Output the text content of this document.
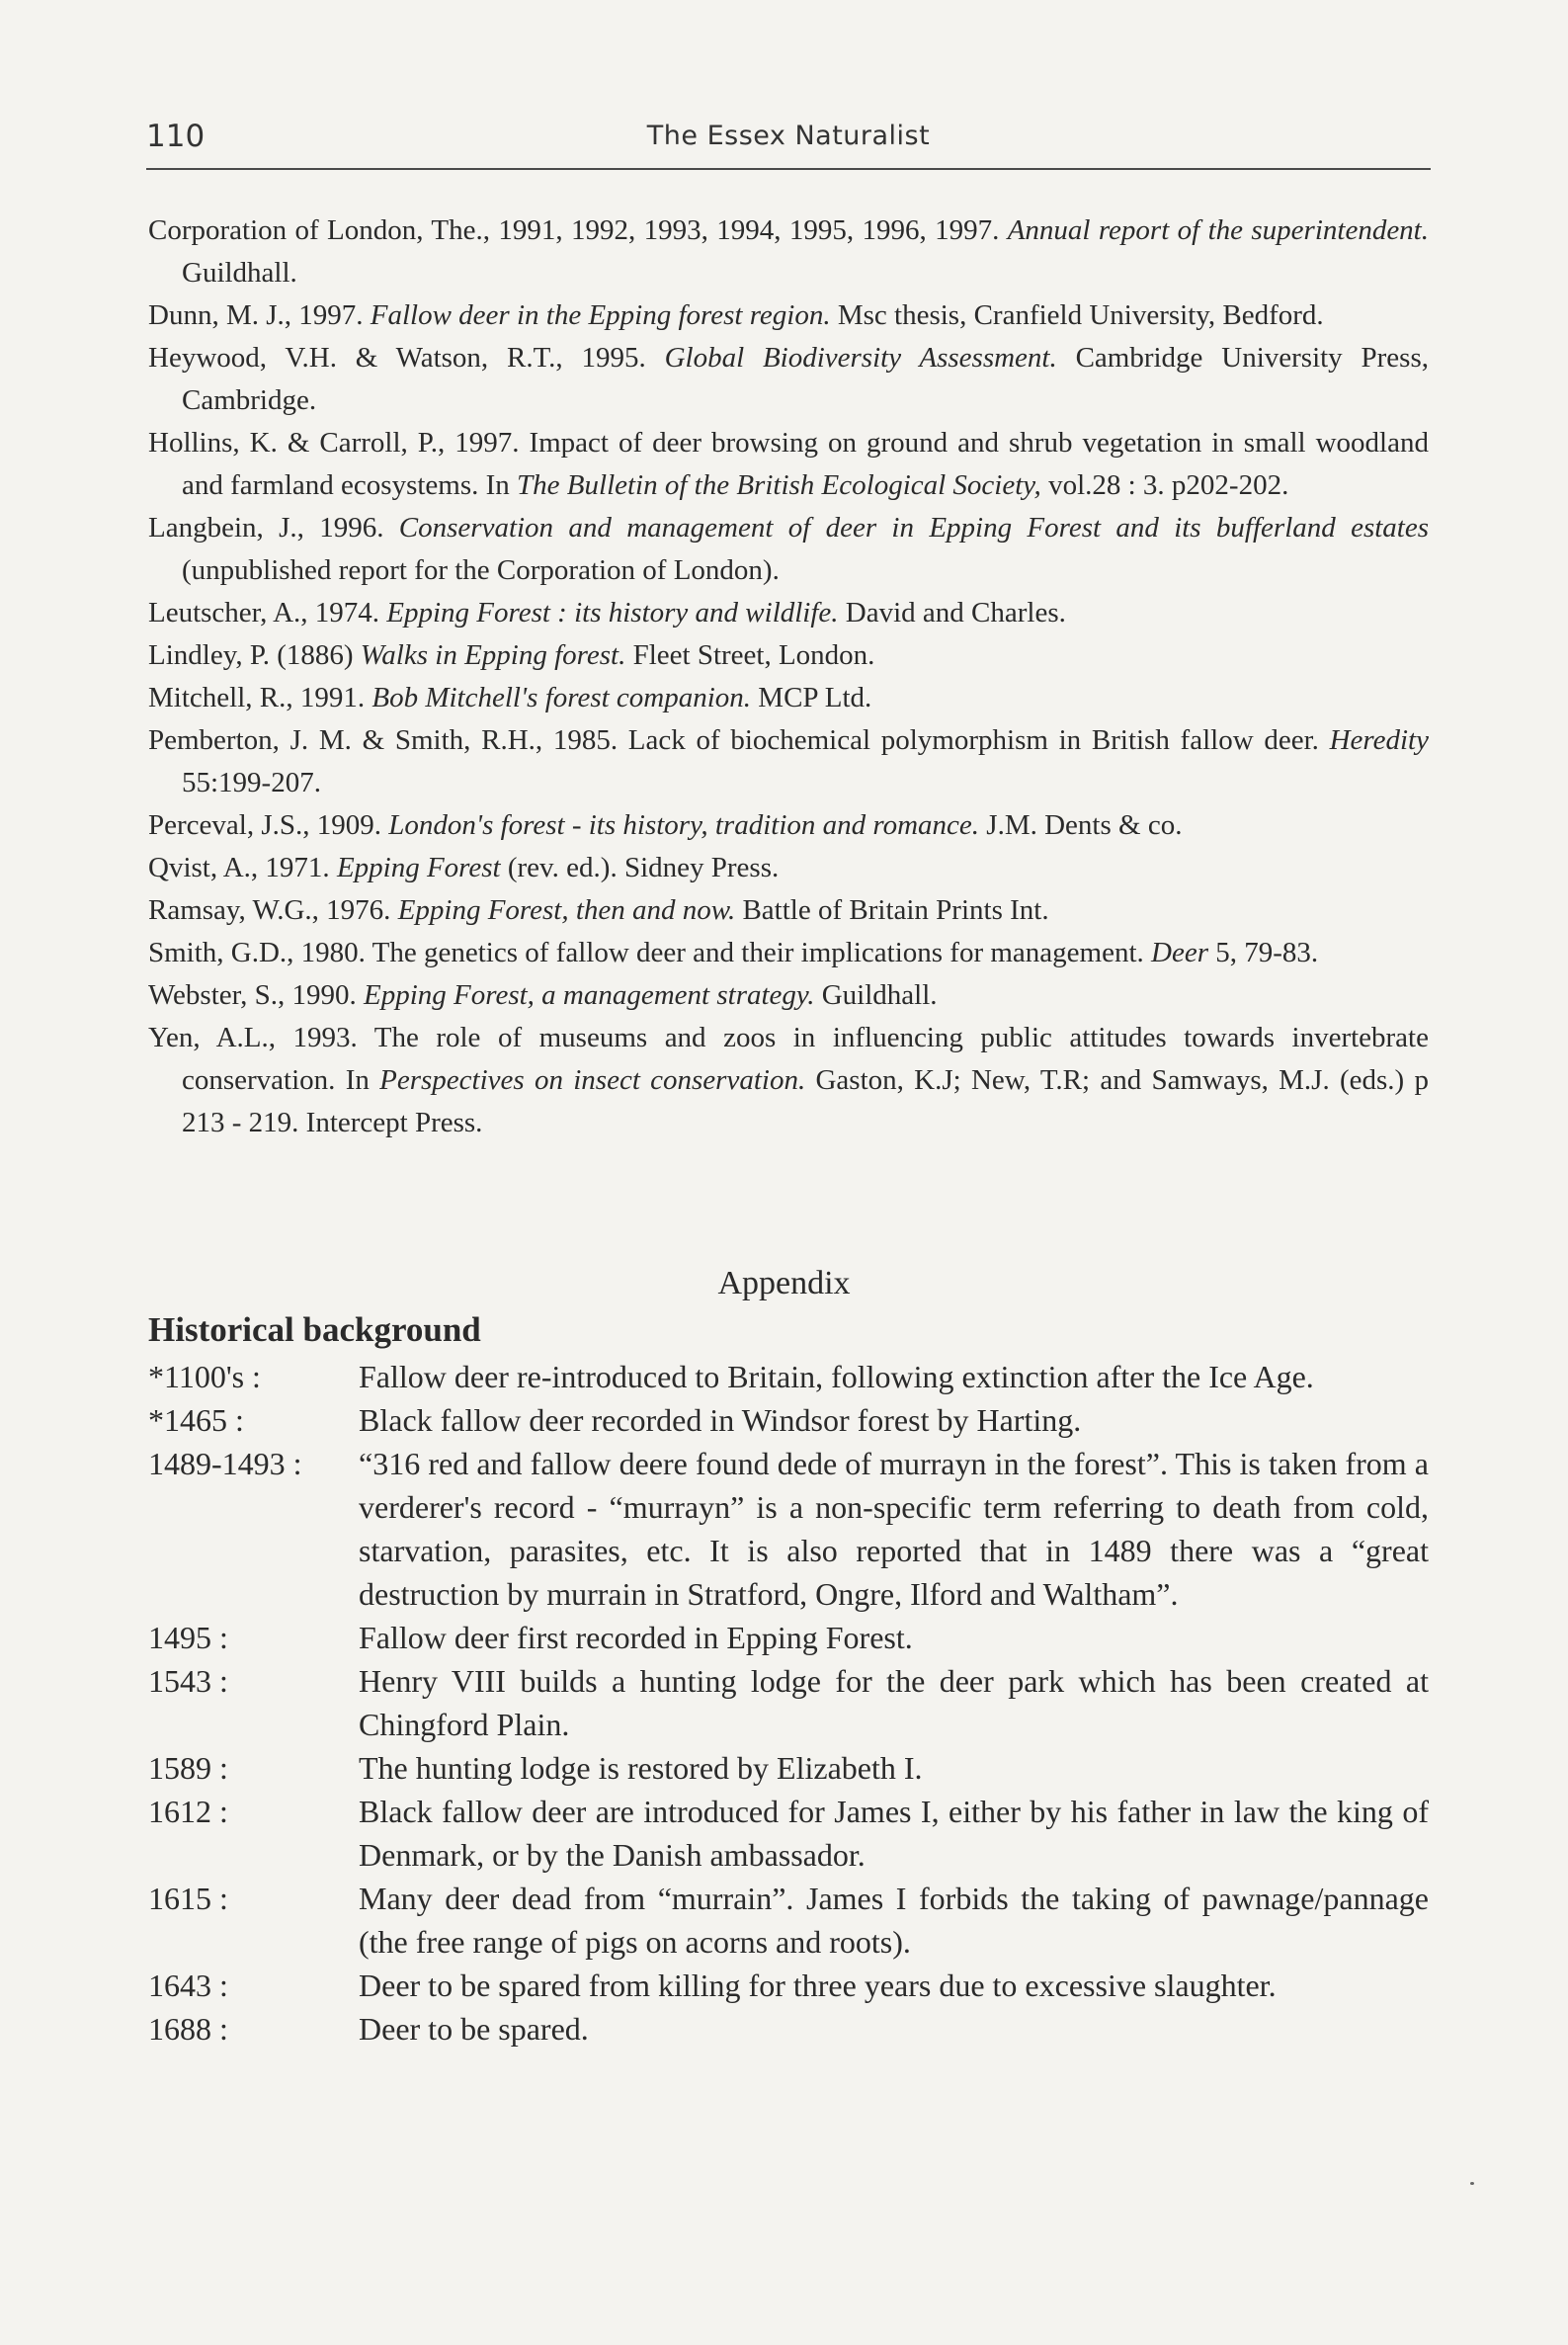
110	The Essex Naturalist
Corporation of London, The., 1991, 1992, 1993, 1994, 1995, 1996, 1997. Annual report of the superintendent. Guildhall.
Dunn, M. J., 1997. Fallow deer in the Epping forest region. Msc thesis, Cranfield University, Bedford.
Heywood, V.H. & Watson, R.T., 1995. Global Biodiversity Assessment. Cambridge University Press, Cambridge.
Hollins, K. & Carroll, P., 1997. Impact of deer browsing on ground and shrub vegetation in small woodland and farmland ecosystems. In The Bulletin of the British Ecological Society, vol.28 : 3. p202-202.
Langbein, J., 1996. Conservation and management of deer in Epping Forest and its bufferland estates (unpublished report for the Corporation of London).
Leutscher, A., 1974. Epping Forest : its history and wildlife. David and Charles.
Lindley, P. (1886) Walks in Epping forest. Fleet Street, London.
Mitchell, R., 1991. Bob Mitchell's forest companion. MCP Ltd.
Pemberton, J. M. & Smith, R.H., 1985. Lack of biochemical polymorphism in British fallow deer. Heredity 55:199-207.
Perceval, J.S., 1909. London's forest - its history, tradition and romance. J.M. Dents & co.
Qvist, A., 1971. Epping Forest (rev. ed.). Sidney Press.
Ramsay, W.G., 1976. Epping Forest, then and now. Battle of Britain Prints Int.
Smith, G.D., 1980. The genetics of fallow deer and their implications for management. Deer 5, 79-83.
Webster, S., 1990. Epping Forest, a management strategy. Guildhall.
Yen, A.L., 1993. The role of museums and zoos in influencing public attitudes towards invertebrate conservation. In Perspectives on insect conservation. Gaston, K.J; New, T.R; and Samways, M.J. (eds.) p 213 - 219. Intercept Press.
Appendix
Historical background
*1100's :	Fallow deer re-introduced to Britain, following extinction after the Ice Age.
*1465 :	Black fallow deer recorded in Windsor forest by Harting.
1489-1493 :	“316 red and fallow deere found dede of murrayn in the forest”. This is taken from a verderer's record - “murrayn” is a non-specific term referring to death from cold, starvation, parasites, etc. It is also reported that in 1489 there was a “great destruction by murrain in Stratford, Ongre, Ilford and Waltham”.
1495 :	Fallow deer first recorded in Epping Forest.
1543 :	Henry VIII builds a hunting lodge for the deer park which has been created at Chingford Plain.
1589 :	The hunting lodge is restored by Elizabeth I.
1612 :	Black fallow deer are introduced for James I, either by his father in law the king of Denmark, or by the Danish ambassador.
1615 :	Many deer dead from “murrain”. James I forbids the taking of pawnage/pannage (the free range of pigs on acorns and roots).
1643 :	Deer to be spared from killing for three years due to excessive slaughter.
1688 :	Deer to be spared.
